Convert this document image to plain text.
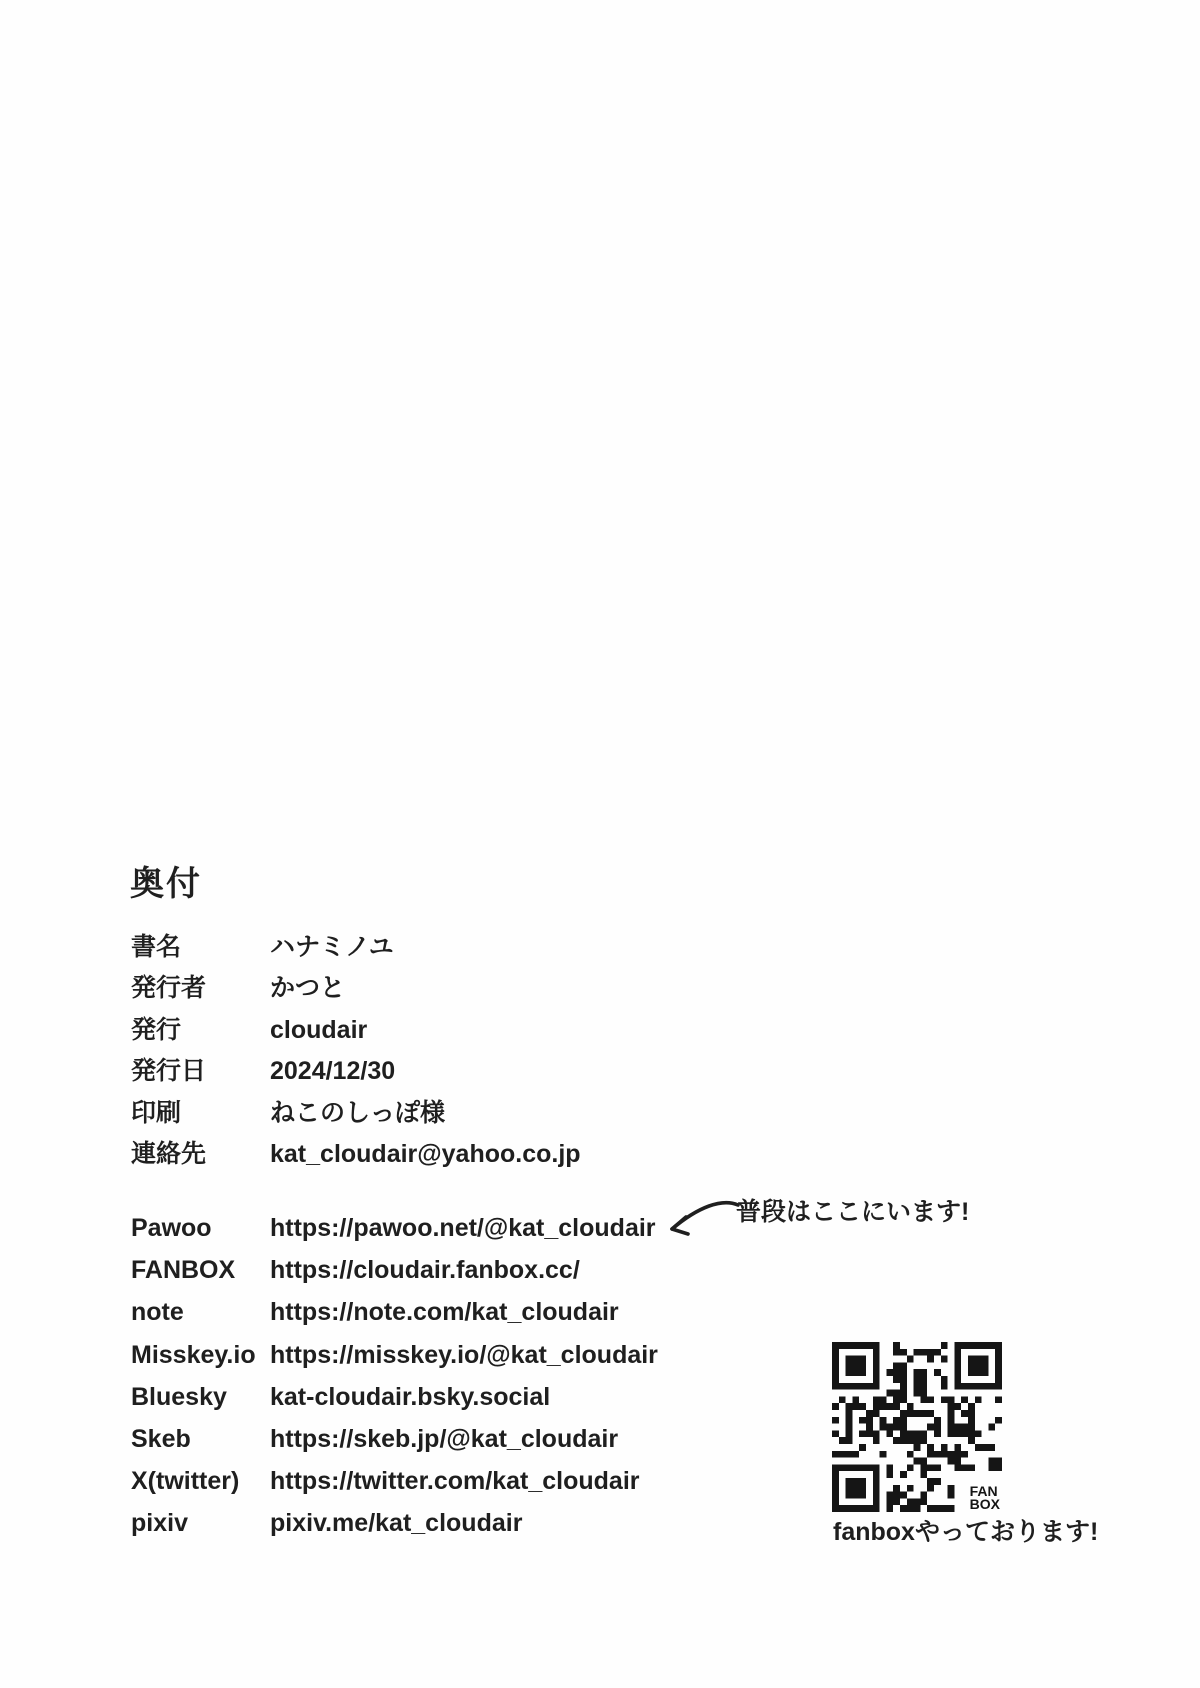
奥付
書名	ハナミノユ
発行者	かつと
発行	cloudair
発行日	2024/12/30
印刷	ねこのしっぽ様
連絡先	kat_cloudair@yahoo.co.jp
Pawoo	https://pawoo.net/@kat_cloudair
FANBOX	https://cloudair.fanbox.cc/
note	https://note.com/kat_cloudair
Misskey.io https://misskey.io/@kat_cloudair
Bluesky	kat-cloudair.bsky.social
Skeb	https://skeb.jp/@kat_cloudair
X(twitter)	https://twitter.com/kat_cloudair
pixiv	pixiv.me/kat_cloudair
普段はここにいます!
FAN
BOX
fanboxやっております!
